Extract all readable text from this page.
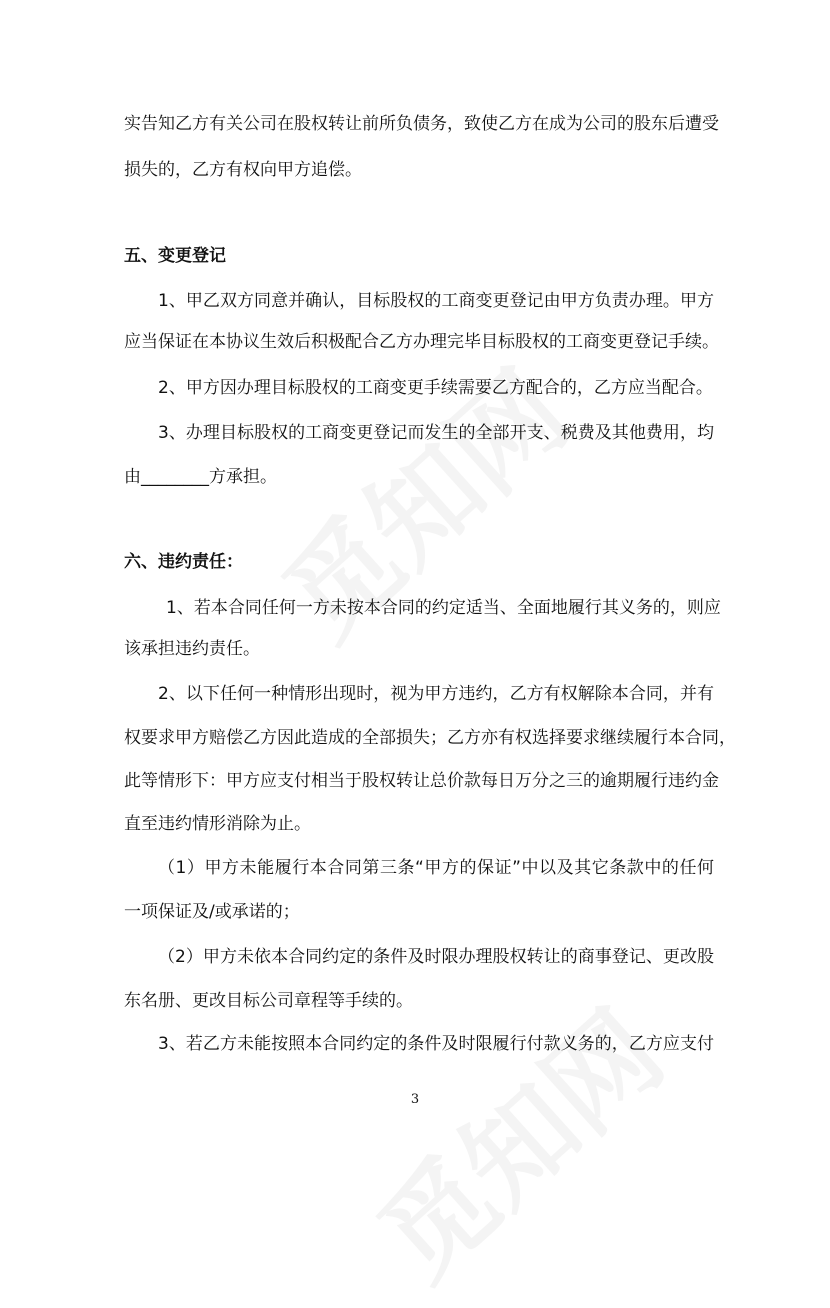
实告知乙方有关公司在股权转让前所负债务，致使乙方在成为公司的股东后遭受
损失的，乙方有权向甲方追偿。
五、变更登记
1、甲乙双方同意并确认，目标股权的工商变更登记由甲方负责办理。甲方
应当保证在本协议生效后积极配合乙方办理完毕目标股权的工商变更登记手续。
2、甲方因办理目标股权的工商变更手续需要乙方配合的，乙方应当配合。
3、办理目标股权的工商变更登记而发生的全部开支、税费及其他费用，均
由________方承担。
六、违约责任：
1、若本合同任何一方未按本合同的约定适当、全面地履行其义务的，则应
该承担违约责任。
2、以下任何一种情形出现时，视为甲方违约，乙方有权解除本合同，并有
权要求甲方赔偿乙方因此造成的全部损失；乙方亦有权选择要求继续履行本合同，
此等情形下：甲方应支付相当于股权转让总价款每日万分之三的逾期履行违约金
直至违约情形消除为止。
（1）甲方未能履行本合同第三条“甲方的保证”中以及其它条款中的任何
一项保证及/或承诺的；
（2）甲方未依本合同约定的条件及时限办理股权转让的商事登记、更改股
东名册、更改目标公司章程等手续的。
3、若乙方未能按照本合同约定的条件及时限履行付款义务的，乙方应支付
3
